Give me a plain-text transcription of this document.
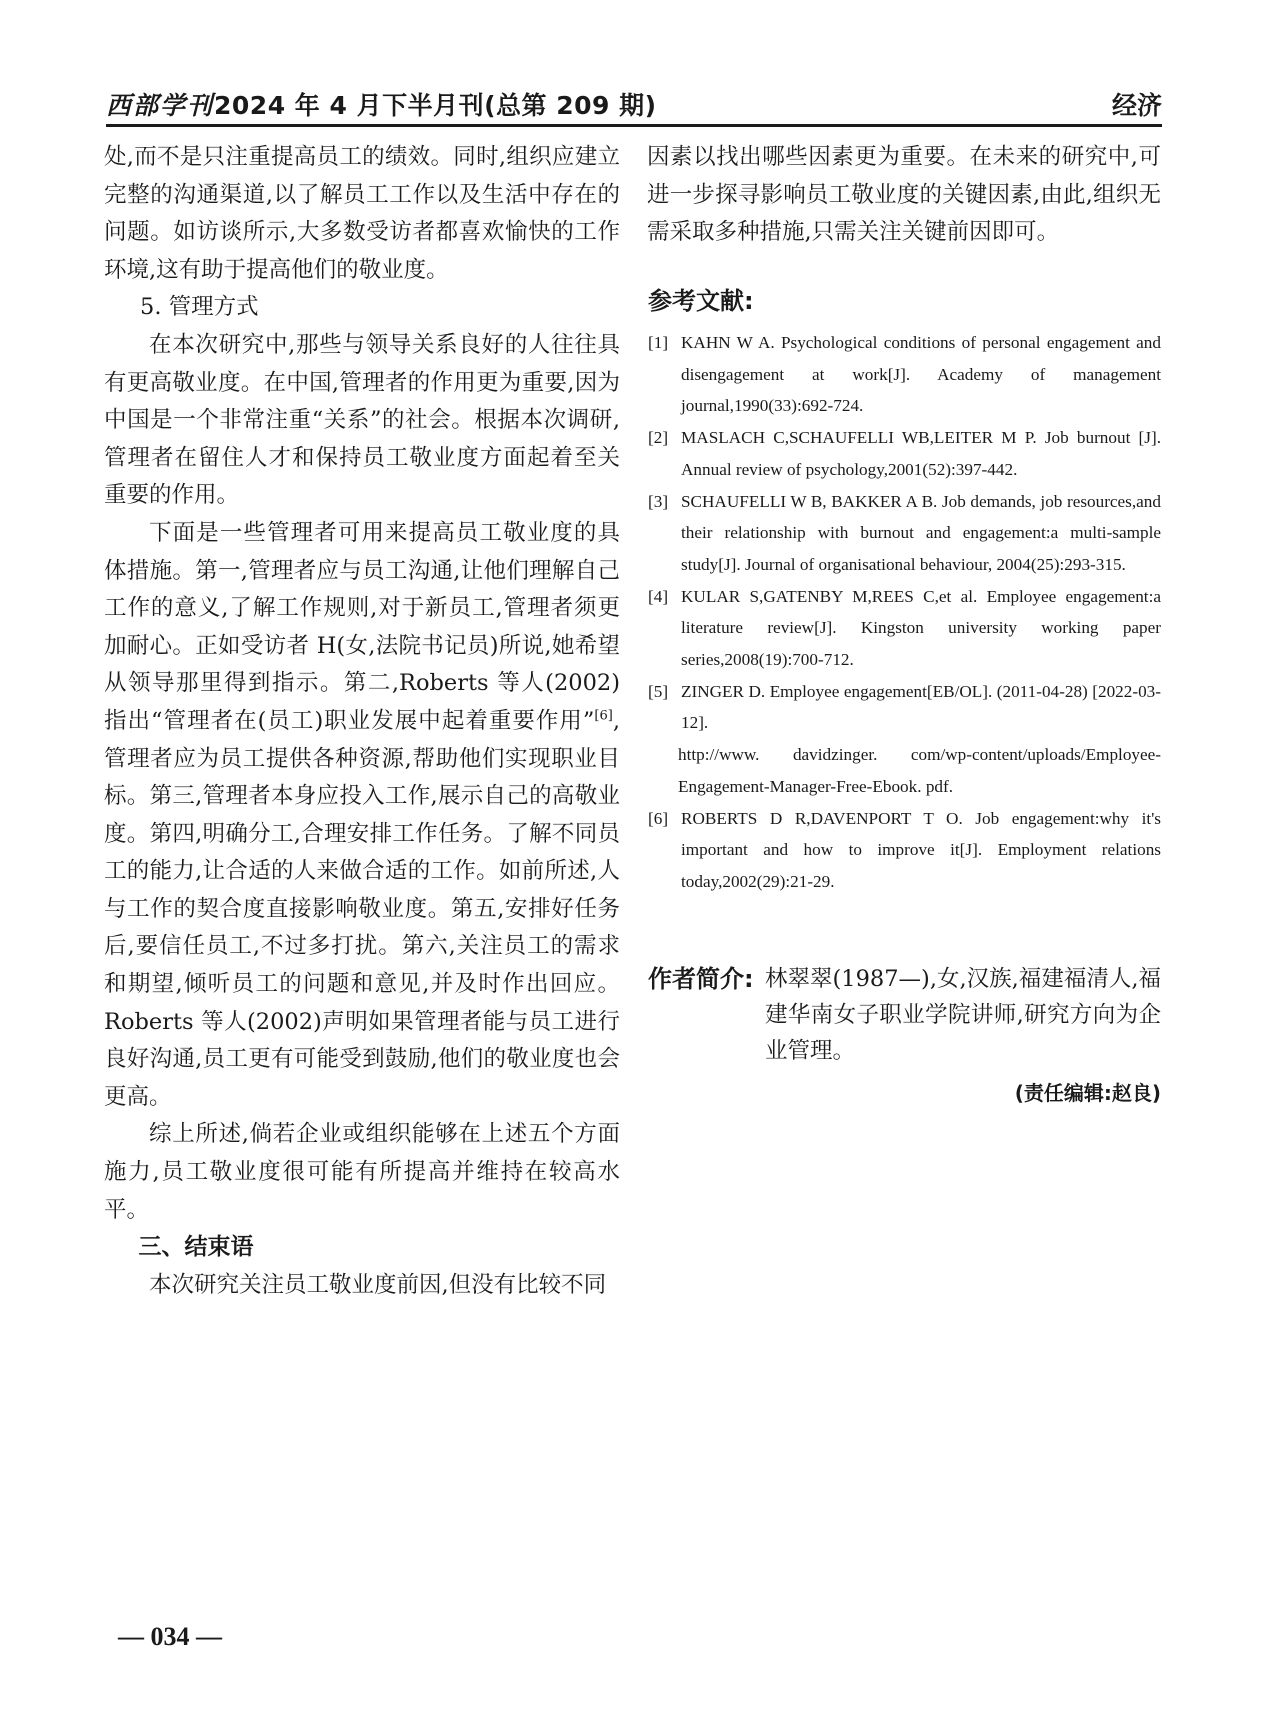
西部学刊2024 年 4 月下半月刊(总第 209 期)	经济

处,而不是只注重提高员工的绩效。同时,组织应建立完整的沟通渠道,以了解员工工作以及生活中存在的问题。如访谈所示,大多数受访者都喜欢愉快的工作环境,这有助于提高他们的敬业度。

5. 管理方式

在本次研究中,那些与领导关系良好的人往往具有更高敬业度。在中国,管理者的作用更为重要,因为中国是一个非常注重“关系”的社会。根据本次调研,管理者在留住人才和保持员工敬业度方面起着至关重要的作用。

下面是一些管理者可用来提高员工敬业度的具体措施。第一,管理者应与员工沟通,让他们理解自己工作的意义,了解工作规则,对于新员工,管理者须更加耐心。正如受访者 H(女,法院书记员)所说,她希望从领导那里得到指示。第二,Roberts 等人(2002)指出“管理者在(员工)职业发展中起着重要作用”[6],管理者应为员工提供各种资源,帮助他们实现职业目标。第三,管理者本身应投入工作,展示自己的高敬业度。第四,明确分工,合理安排工作任务。了解不同员工的能力,让合适的人来做合适的工作。如前所述,人与工作的契合度直接影响敬业度。第五,安排好任务后,要信任员工,不过多打扰。第六,关注员工的需求和期望,倾听员工的问题和意见,并及时作出回应。Roberts 等人(2002)声明如果管理者能与员工进行良好沟通,员工更有可能受到鼓励,他们的敬业度也会更高。

综上所述,倘若企业或组织能够在上述五个方面施力,员工敬业度很可能有所提高并维持在较高水平。

三、结束语

本次研究关注员工敬业度前因,但没有比较不同

因素以找出哪些因素更为重要。在未来的研究中,可进一步探寻影响员工敬业度的关键因素,由此,组织无需采取多种措施,只需关注关键前因即可。

参考文献:
[1] KAHN W A. Psychological conditions of personal engagement and disengagement at work[J]. Academy of management journal,1990(33):692-724.
[2] MASLACH C,SCHAUFELLI WB,LEITER M P. Job burnout [J]. Annual review of psychology,2001(52):397-442.
[3] SCHAUFELLI W B, BAKKER A B. Job demands, job resources,and their relationship with burnout and engagement:a multi-sample study[J]. Journal of organisational behaviour, 2004(25):293-315.
[4] KULAR S,GATENBY M,REES C,et al. Employee engagement:a literature review[J]. Kingston university working paper series,2008(19):700-712.
[5] ZINGER D. Employee engagement[EB/OL]. (2011-04-28) [2022-03-12].
http://www. davidzinger. com/wp-content/uploads/Employee-Engagement-Manager-Free-Ebook. pdf.
[6] ROBERTS D R,DAVENPORT T O. Job engagement:why it's important and how to improve it[J]. Employment relations today,2002(29):21-29.
作者简介: 林翠翠(1987—),女,汉族,福建福清人,福建华南女子职业学院讲师,研究方向为企业管理。
(责任编辑:赵良)
— 034 —
